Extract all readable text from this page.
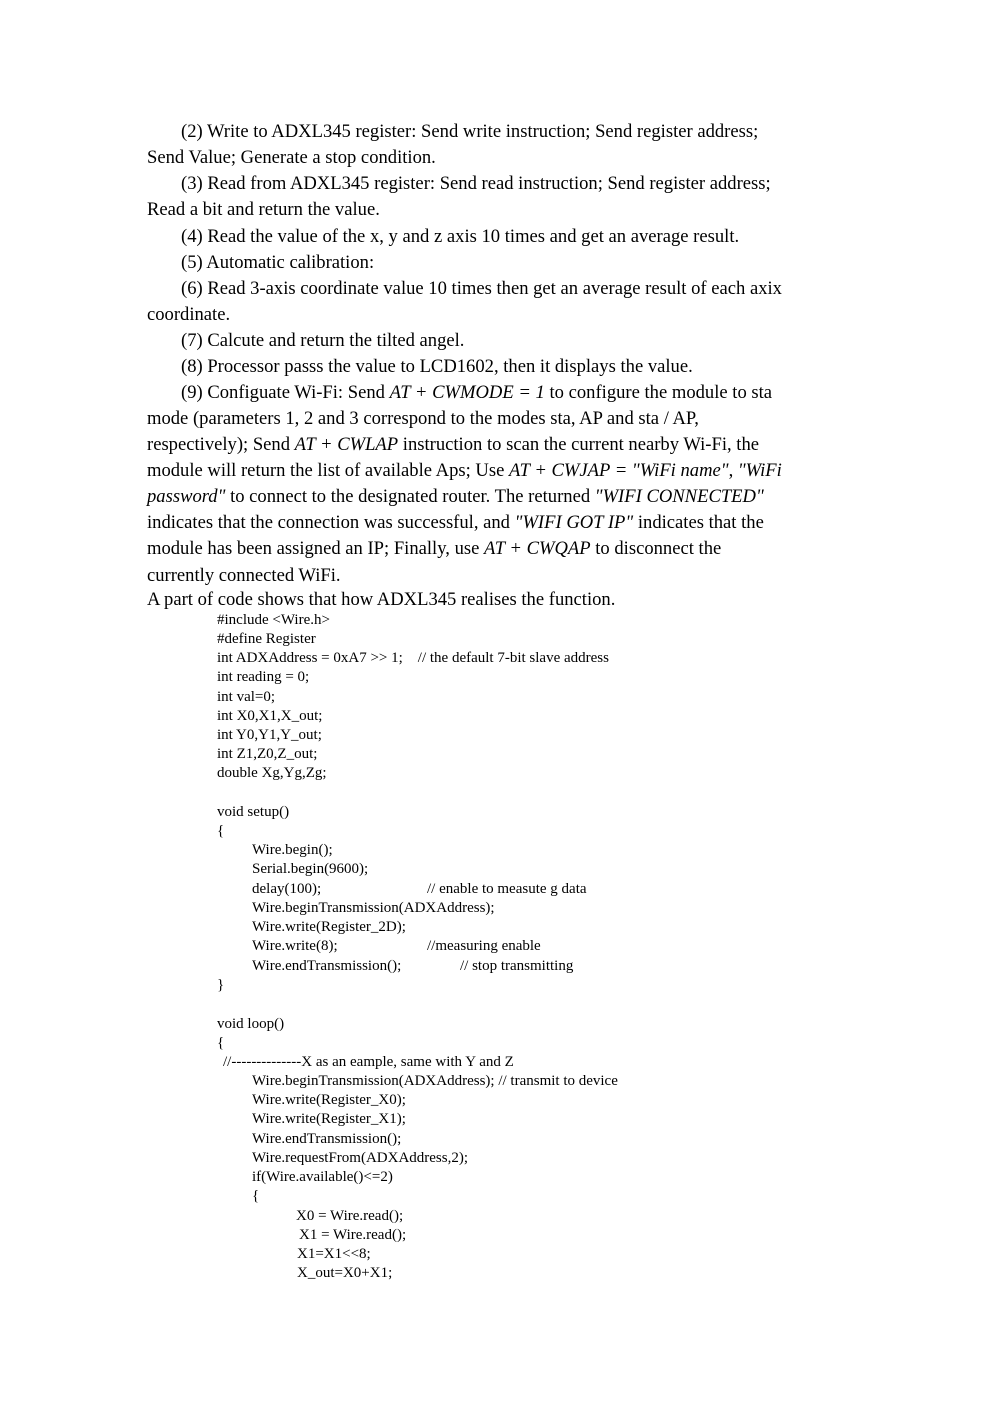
(2) Write to ADXL345 register: Send write instruction; Send register address;
Send Value; Generate a stop condition.
(3) Read from ADXL345 register: Send read instruction; Send register address;
Read a bit and return the value.
(4) Read the value of the x, y and z axis 10 times and get an average result.
(5) Automatic calibration:
(6) Read 3-axis coordinate value 10 times then get an average result of each axix
coordinate.
(7) Calcute and return the tilted angel.
(8) Processor passs the value to LCD1602, then it displays the value.
(9) Configuate Wi-Fi: Send AT + CWMODE = 1 to configure the module to sta
mode (parameters 1, 2 and 3 correspond to the modes sta, AP and sta / AP,
respectively); Send AT + CWLAP instruction to scan the current nearby Wi-Fi, the
module will return the list of available Aps; Use AT + CWJAP = "WiFi name", "WiFi
password" to connect to the designated router. The returned "WIFI CONNECTED"
indicates that the connection was successful, and "WIFI GOT IP" indicates that the
module has been assigned an IP; Finally, use AT + CWQAP to disconnect the
currently connected WiFi.
A part of code shows that how ADXL345 realises the function.
#include <Wire.h>
#define Register
int ADXAddress = 0xA7 >> 1;    // the default 7-bit slave address
int reading = 0;
int val=0;
int X0,X1,X_out;
int Y0,Y1,Y_out;
int Z1,Z0,Z_out;
double Xg,Yg,Zg;
void setup()
{
Wire.begin();
Serial.begin(9600);
delay(100);	// enable to measute g data
Wire.beginTransmission(ADXAddress);
Wire.write(Register_2D);
Wire.write(8);	//measuring enable
Wire.endTransmission();	// stop transmitting
}
void loop()
{
//--------------X as an eample, same with Y and Z
Wire.beginTransmission(ADXAddress); // transmit to device
Wire.write(Register_X0);
Wire.write(Register_X1);
Wire.endTransmission();
Wire.requestFrom(ADXAddress,2);
if(Wire.available()<=2)
{
X0 = Wire.read();
X1 = Wire.read();
X1=X1<<8;
X_out=X0+X1;
